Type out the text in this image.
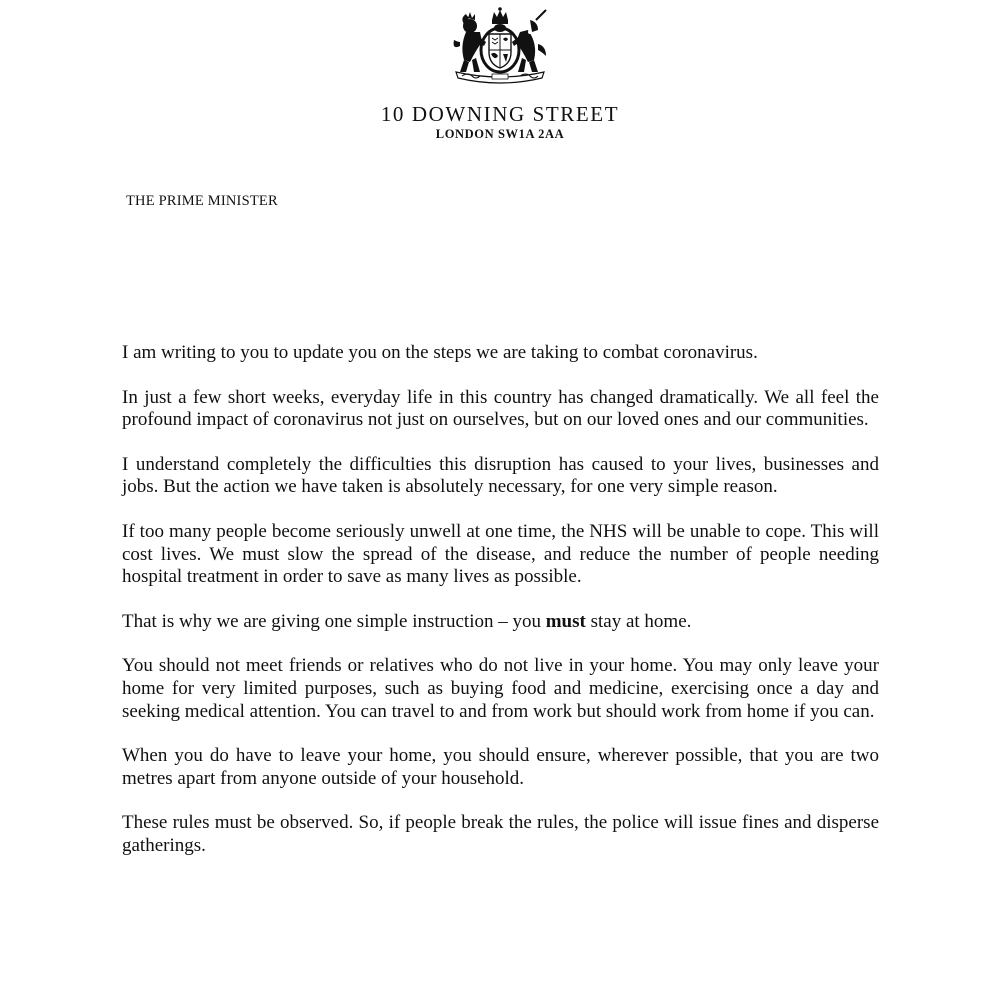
10 DOWNING STREET
LONDON SW1A 2AA
THE PRIME MINISTER

I am writing to you to update you on the steps we are taking to combat coronavirus.

In just a few short weeks, everyday life in this country has changed dramatically. We all feel the profound impact of coronavirus not just on ourselves, but on our loved ones and our communities.

I understand completely the difficulties this disruption has caused to your lives, businesses and jobs. But the action we have taken is absolutely necessary, for one very simple reason.

If too many people become seriously unwell at one time, the NHS will be unable to cope. This will cost lives. We must slow the spread of the disease, and reduce the number of people needing hospital treatment in order to save as many lives as possible.

That is why we are giving one simple instruction – you must stay at home.

You should not meet friends or relatives who do not live in your home. You may only leave your home for very limited purposes, such as buying food and medicine, exercising once a day and seeking medical attention. You can travel to and from work but should work from home if you can.

When you do have to leave your home, you should ensure, wherever possible, that you are two metres apart from anyone outside of your household.

These rules must be observed. So, if people break the rules, the police will issue fines and disperse gatherings.
